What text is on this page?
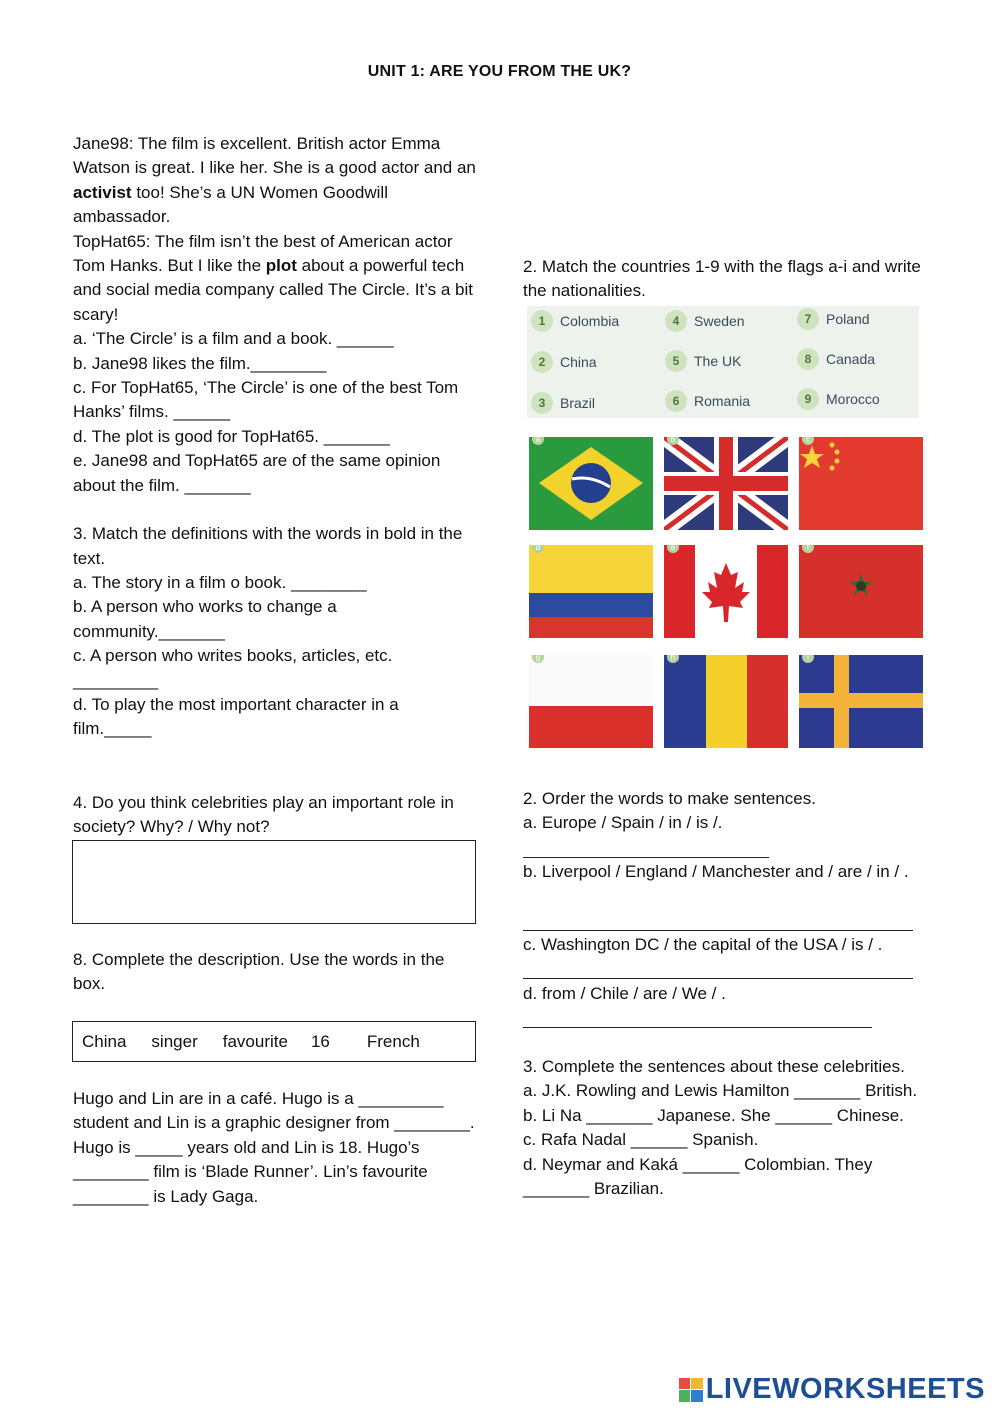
UNIT 1: ARE YOU FROM THE UK?

Jane98: The film is excellent. British actor Emma Watson is great. I like her. She is a good actor and an activist too! She’s a UN Women Goodwill ambassador.

TopHat65: The film isn’t the best of American actor Tom Hanks. But I like the plot about a powerful tech and social media company called The Circle. It’s a bit scary!

a. ‘The Circle’ is a film and a book. ______

b. Jane98 likes the film.________

c. For TopHat65, ‘The Circle’ is one of the best Tom Hanks’ films. ______

d. The plot is good for TopHat65. _______

e. Jane98 and TopHat65 are of the same opinion about the film. _______

3. Match the definitions with the words in bold in the text.

a. The story in a film o book. ________

b. A person who works to change a community._______

c. A person who writes books, articles, etc.

_________

d. To play the most important character in a film._____

4. Do you think celebrities play an important role in society? Why? / Why not?
8. Complete the description. Use the words in the box.
China singer favourite 16 French
Hugo and Lin are in a café. Hugo is a _________ student and Lin is a graphic designer from ________. Hugo is _____ years old and Lin is 18. Hugo’s ________ film is ‘Blade Runner’. Lin’s favourite ________ is Lady Gaga.
2. Match the countries 1-9 with the flags a-i and write the nationalities.
1	Colombia	4	Sweden	7	Poland
2	China	5	The UK	8	Canada
3	Brazil	6	Romania	9	Morocco
a	b	c
d	e	f
g	h	i

2. Order the words to make sentences.

a. Europe / Spain / in / is /.

b. Liverpool / England / Manchester and / are / in / .
c. Washington DC / the capital of the USA / is / .
d. from / Chile / are / We / .

3. Complete the sentences about these celebrities.

a. J.K. Rowling and Lewis Hamilton _______ British.

b. Li Na _______ Japanese. She ______ Chinese.

c. Rafa Nadal ______ Spanish.

d. Neymar and Kaká ______ Colombian. They _______ Brazilian.

LIVEWORKSHEETS
